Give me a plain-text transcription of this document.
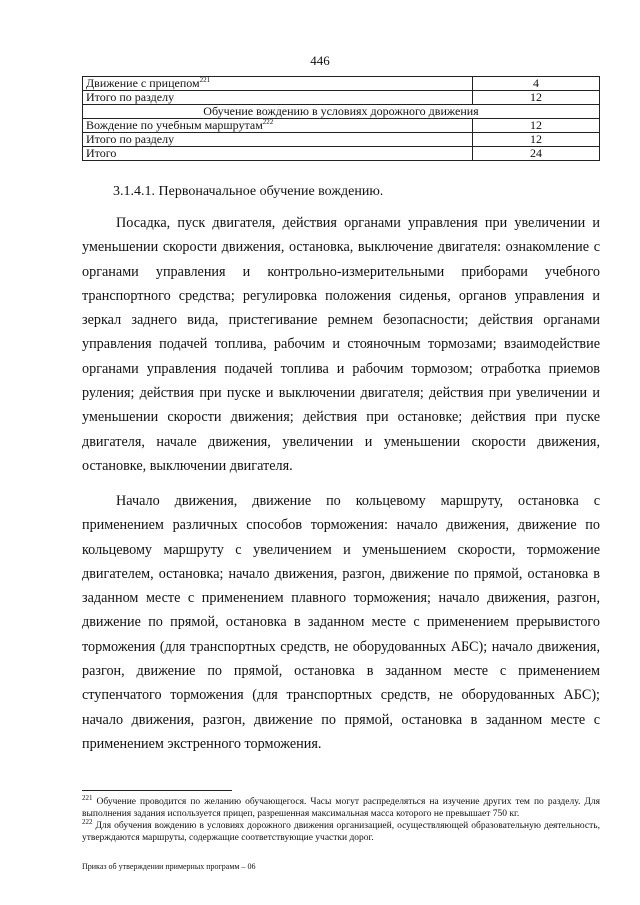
446
Движение с прицепом$^{221}$	4
Итого по разделу	12
Обучение вождению в условиях дорожного движения	
Вождение по учебным маршрутам$^{222}$	12
Итого по разделу	12
Итого	24
3.1.4.1. Первоначальное обучение вождению.

Посадка, пуск двигателя, действия органами управления при увеличении и уменьшении скорости движения, остановка, выключение двигателя: ознакомление с органами управления и контрольно-измерительными приборами учебного транспортного средства; регулировка положения сиденья, органов управления и зеркал заднего вида, пристегивание ремнем безопасности; действия органами управления подачей топлива, рабочим и стояночным тормозами; взаимодействие органами управления подачей топлива и рабочим тормозом; отработка приемов руления; действия при пуске и выключении двигателя; действия при увеличении и уменьшении скорости движения; действия при остановке; действия при пуске двигателя, начале движения, увеличении и уменьшении скорости движения, остановке, выключении двигателя.

Начало движения, движение по кольцевому маршруту, остановка с применением различных способов торможения: начало движения, движение по кольцевому маршруту с увеличением и уменьшением скорости, торможение двигателем, остановка; начало движения, разгон, движение по прямой, остановка в заданном месте с применением плавного торможения; начало движения, разгон, движение по прямой, остановка в заданном месте с применением прерывистого торможения (для транспортных средств, не оборудованных АБС); начало движения, разгон, движение по прямой, остановка в заданном месте с применением ступенчатого торможения (для транспортных средств, не оборудованных АБС); начало движения, разгон, движение по прямой, остановка в заданном месте с применением экстренного торможения.

$^{221}$ Обучение проводится по желанию обучающегося. Часы могут распределяться на изучение других тем по разделу. Для выполнения задания используется прицеп, разрешенная максимальная масса которого не превышает 750 кг.
$^{222}$ Для обучения вождению в условиях дорожного движения организацией, осуществляющей образовательную деятельность, утверждаются маршруты, содержащие соответствующие участки дорог.
Приказ об утверждении примерных программ – 06
